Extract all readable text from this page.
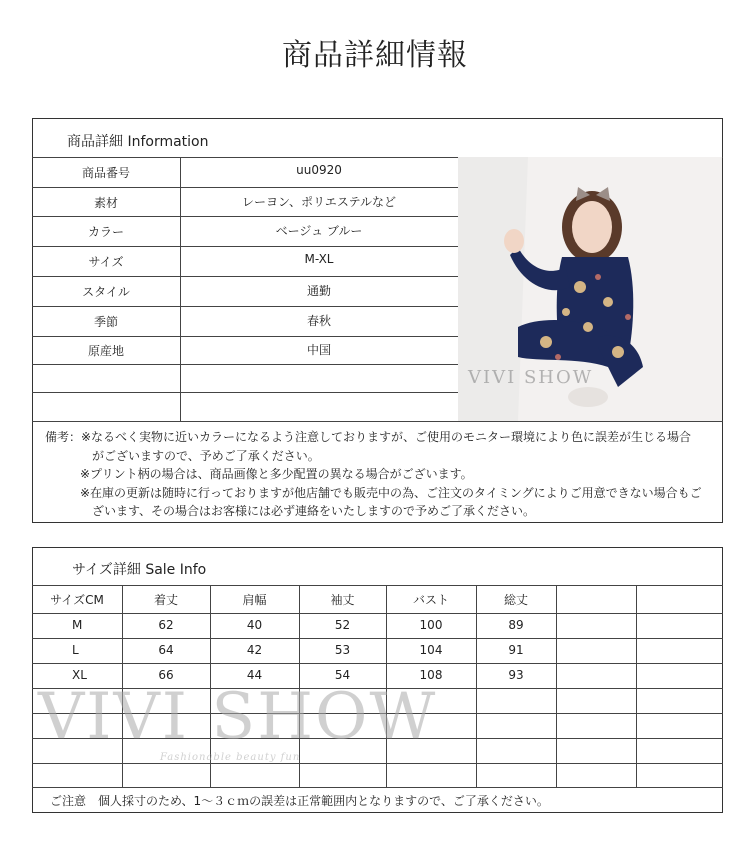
商品詳細情報
商品詳細 Information
商品番号	uu0920
素材	レーヨン、ポリエステルなど
カラー	ベージュ ブルー
サイズ	M-XL
スタイル	通勤
季節	春秋
原産地	中国
VIVI SHOW
備考：※なるべく実物に近いカラーになるよう注意しておりますが、ご使用のモニター環境により色に誤差が生じる場合
がございますので、予めご了承ください。
※プリント柄の場合は、商品画像と多少配置の異なる場合がございます。
※在庫の更新は随時に行っておりますが他店舗でも販売中の為、ご注文のタイミングによりご用意できない場合もご
ざいます、その場合はお客様には必ず連絡をいたしますので予めご了承ください。
サイズ詳細 Sale Info
サイズCM	着丈	肩幅	袖丈	バスト	総丈
M	62	40	52	100	89
L	64	42	53	104	91
XL	66	44	54	108	93
ご注意　個人採寸のため、1～３ｃｍの誤差は正常範囲内となりますので、ご了承ください。
VIVI SHOW
Fashionable beauty fun
